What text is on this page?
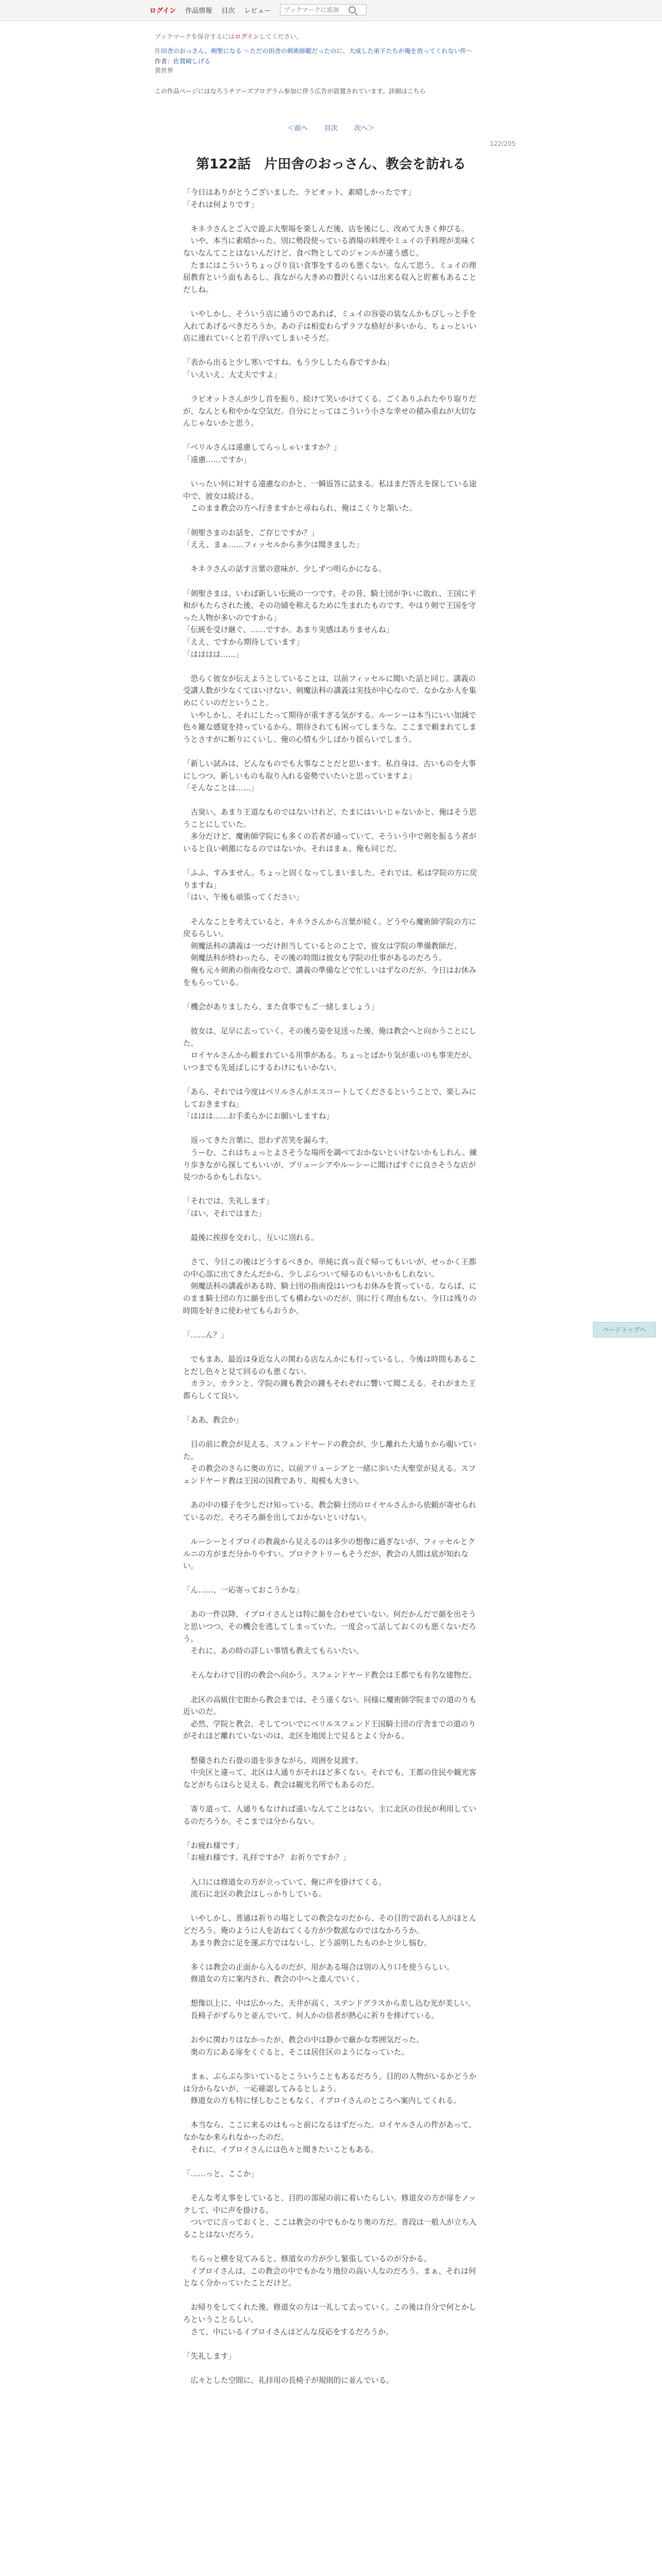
ログイン 作品情報 目次 レビュー
ブックマークに追加
ブックマークを保存するにはログインしてください。
片田舎のおっさん、剣聖になる ～ただの田舎の剣術師範だったのに、大成した弟子たちが俺を放ってくれない件～
作者：佐賀崎しげる
異世界
この作品ページにはなろうチアーズプログラム参加に伴う広告が設置されています。詳細はこちら
＜前へ 目次 次へ＞
122/205
第122話　片田舎のおっさん、教会を訪れる

「今日はありがとうございました、ラビオット。素晴しかったです」
「それは何よりです」

　キネラさんとご入で遊ぶ大聖場を楽しんだ後、店を後にし、改めて大きく伸びる。
　いや、本当に素晴かった。別に勢段使っている酒場の料理やミュイの手料理が美味くないなんてことはないんだけど、食べ物としてのジャンルが違う感じ。
　たまにはこういうちょっぴり良い食事をするのも悪くない。なんて思う。ミュイの理屈教育という面もあるし、我ながら大きめの贅沢くらいは出来る収入と貯蓄もあることだしね。

　いやしかし、そういう店に通うのであれば、ミュイの容姿の装なんかもぴしっと手を入れてあげるべきだろうか。あの子は相変わらずラフな格好が多いから、ちょっといい店に連れていくと若干浮いてしまいそうだ。

「表から出ると少し寒いですね。もう少ししたら春ですかね」
「いえいえ、大丈夫ですよ」

　ラビオットさんが少し首を振り、続けて笑いかけてくる。ごくありふれたやり取りだが、なんとも和やかな空気だ。自分にとってはこういう小さな幸せの積み重ねが大切なんじゃないかと思う。

「ベリルさんは遠慮してらっしゃいますか？」
「遠慮……ですか」

　いったい何に対する遠慮なのかと、一瞬返答に詰まる。私はまだ答えを探している途中で、彼女は続ける。
　このまま教会の方へ行きますかと尋ねられ、俺はこくりと頷いた。

「剣聖さまのお話を、ご存じですか？」
「ええ、まぁ……フィッセルから多少は聞きました」

　キネラさんの話す言葉の意味が、少しずつ明らかになる。

「剣聖さまは、いわば新しい伝統の一つです。その昔、騎士団が争いに敗れ、王国に平和がもたらされた後、その功績を称えるために生まれたものです。やはり剣で王国を守った人物が多いのですから」
「伝統を受け継ぐ、……ですか。あまり実感はありませんね」
「ええ、ですから期待しています」
「はははは……」

　恐らく彼女が伝えようとしていることは、以前フィッセルに聞いた話と同じ。講義の受講人数が少なくてはいけない、剣魔法科の講義は実技が中心なので、なかなか人を集めにくいのだということ。
　いやしかし、それにしたって期待が重すぎる気がする。ルーシーは本当にいい加減で色々雑な感覚を持っているから、期待されても困ってしまうな。ここまで頼まれてしまうとさすがに断りにくいし、俺の心情も少しばかり揺らいでしまう。

「新しい試みは、どんなものでも大事なことだと思います。私自身は、古いものを大事にしつつ、新しいものも取り入れる姿勢でいたいと思っていますよ」
「そんなことは……」

　古臭い、あまり王道なものではないけれど、たまにはいいじゃないかと、俺はそう思うことにしていた。
　多分だけど、魔術師学院にも多くの若者が通っていて、そういう中で剣を振るう者がいると良い刺激になるのではないか。それはまぁ、俺も同じだ。

「ふふ、すみません。ちょっと固くなってしまいました。それでは、私は学院の方に戻りますね」
「はい、午後も頑張ってください」

　そんなことを考えていると、キネラさんから言葉が続く。どうやら魔術師学院の方に戻るらしい。
　剣魔法科の講義は一つだけ担当しているとのことで、彼女は学院の準備教師だ。
　剣魔法科が終わったら、その後の時間は彼女も学院の仕事があるのだろう。
　俺も元々剣術の指南役なので、講義の準備などで忙しいはずなのだが、今日はお休みをもらっている。

「機会がありましたら、また食事でもご一緒しましょう」

　彼女は、足早に去っていく。その後ろ姿を見送った後、俺は教会へと向かうことにした。
　ロイヤルさんから頼まれている用事がある。ちょっとばかり気が重いのも事実だが、いつまでも先延ばしにするわけにもいかない。

「あら、それでは今度はベリルさんがエスコートしてくださるということで、楽しみにしておきますね」
「ははは……お手柔らかにお願いしますね」

　返ってきた言葉に、思わず苦笑を漏らす。
　うーむ、これはちょっとよさそうな場所を調べておかないといけないかもしれん。練り歩きながら探してもいいが、プリューシアやルーシーに聞けばすぐに良さそうな店が見つかるかもしれない。

「それでは、失礼します」
「はい、それではまた」

　最後に挨拶を交わし、互いに別れる。

　さて、今日この後はどうするべきか。単純に真っ直ぐ帰ってもいいが、せっかく王都の中心部に出てきたんだから、少しぶらついて帰るのもいいかもしれない。
　剣魔法科の講義がある時、騎士団の指南役はいつもお休みを貰っている。ならば、にのまま騎士団の方に顔を出しても構わないのだが、別に行く理由もない。今日は残りの時間を好きに使わせてもらおうか。

「……ん？」

　でもまあ、最近は身近な人の関わる店なんかにも行っているし、今後は時間もあることだし色々と見て回るのも悪くない。
　カラン、カランと、学院の鐘も教会の鐘もそれぞれに響いて聞こえる。それがまた王都らしくて良い。

「ああ、教会か」

　目の前に教会が見える。スフェンドヤードの教会が、少し離れた大通りから覗いていた。
　その教会のさらに奥の方に、以前アリューシアと一緒に歩いた大聖堂が見える。スフェンドヤード教は王国の国教であり、規模も大きい。

　あの中の様子を少しだけ知っている。教会騎士団のロイヤルさんから依頼が寄せられているのだ。そろそろ顔を出しておかないといけない。

　ルーシーとイブロイの教義から見えるのは多少の想像に過ぎないが、フィッセルとクルニの方がまだ分かりやすい。プロテクトリーもそうだが、教会の人間は底が知れない。

「ん……、一応寄っておこうかな」

　あの一件以降、イブロイさんとは特に顔を合わせていない。何だかんだで顔を出そうと思いつつ、その機会を逃してしまっていた。一度会って話しておくのも悪くないだろう。
　それに、あの時の詳しい事情も教えてもらいたい。

　そんなわけで目的の教会へ向かう。スフェンドヤード教会は王都でも有名な建物だ。

　北区の高級住宅街から教会までは、そう遠くない。同様に魔術師学院までの道のりも近いのだ。
　必然、学院と教会、そしてついでにベリルスフェンド王国騎士団の庁舎までの道のりがそれほど離れていないのは、北区を地図上で見るとよく分かる。

　整備された石畳の道を歩きながら、周囲を見渡す。
　中央区と違って、北区は人通りがそれほど多くない。それでも、王都の住民や観光客などがちらほらと見える。教会は観光名所でもあるのだ。

　寄り道って、人通りもなければ遠いなんてことはない。主に北区の住民が利用しているのだろうか。そこまでは分からない。

「お疲れ様です」
「お疲れ様です。礼拝ですか？ お祈りですか？」

　入口には修道女の方が立っていて、俺に声を掛けてくる。
　流石に北区の教会はしっかりしている。

　いやしかし、普通は祈りの場としての教会なのだから、その目的で訪れる人がほとんどだろう。俺のように人を訪ねてくる方が少数派なのではなかろうか。
　あまり教会に足を運ぶ方ではないし、どう説明したものかと少し悩む。

　多くは教会の正面から入るのだが、用がある場合は別の入り口を使うらしい。
　修道女の方に案内され、教会の中へと進んでいく。

　想像以上に、中は広かった。天井が高く、ステンドグラスから差し込む光が美しい。
　長椅子がずらりと並んでいて、何人かの信者が熱心に祈りを捧げている。

　おやに関わりはなかったが、教会の中は静かで厳かな雰囲気だった。
　奥の方にある扉をくぐると、そこは居住区のようになっていた。

　まぁ、ぶらぶら歩いているとこういうこともあるだろう。目的の人物がいるかどうかは分からないが、一応確認してみるとしよう。
　修道女の方も特に怪しむこともなく、イブロイさんのところへ案内してくれる。

　本当なら、ここに来るのはもっと前になるはずだった。ロイヤルさんの件があって、なかなか来られなかったのだ。
　それに、イブロイさんには色々と聞きたいこともある。

「……っと、ここか」

　そんな考え事をしていると、目的の部屋の前に着いたらしい。修道女の方が扉をノックして、中に声を掛ける。
　ついでに言っておくと、ここは教会の中でもかなり奥の方だ。普段は一般人が立ち入ることはないだろう。

　ちらっと横を見てみると、修道女の方が少し緊張しているのが分かる。
　イブロイさんは、この教会の中でもかなり地位の高い人なのだろう。まぁ、それは何となく分かっていたことだけど。

　お帰りをしてくれた後、修道女の方は一礼して去っていく。この後は自分で何とかしろということらしい。
　さて、中にいるイブロイさんはどんな反応をするだろうか。

「失礼します」

　広々とした空間に、礼拝用の長椅子が規則的に並んでいる。

ページトップへ
